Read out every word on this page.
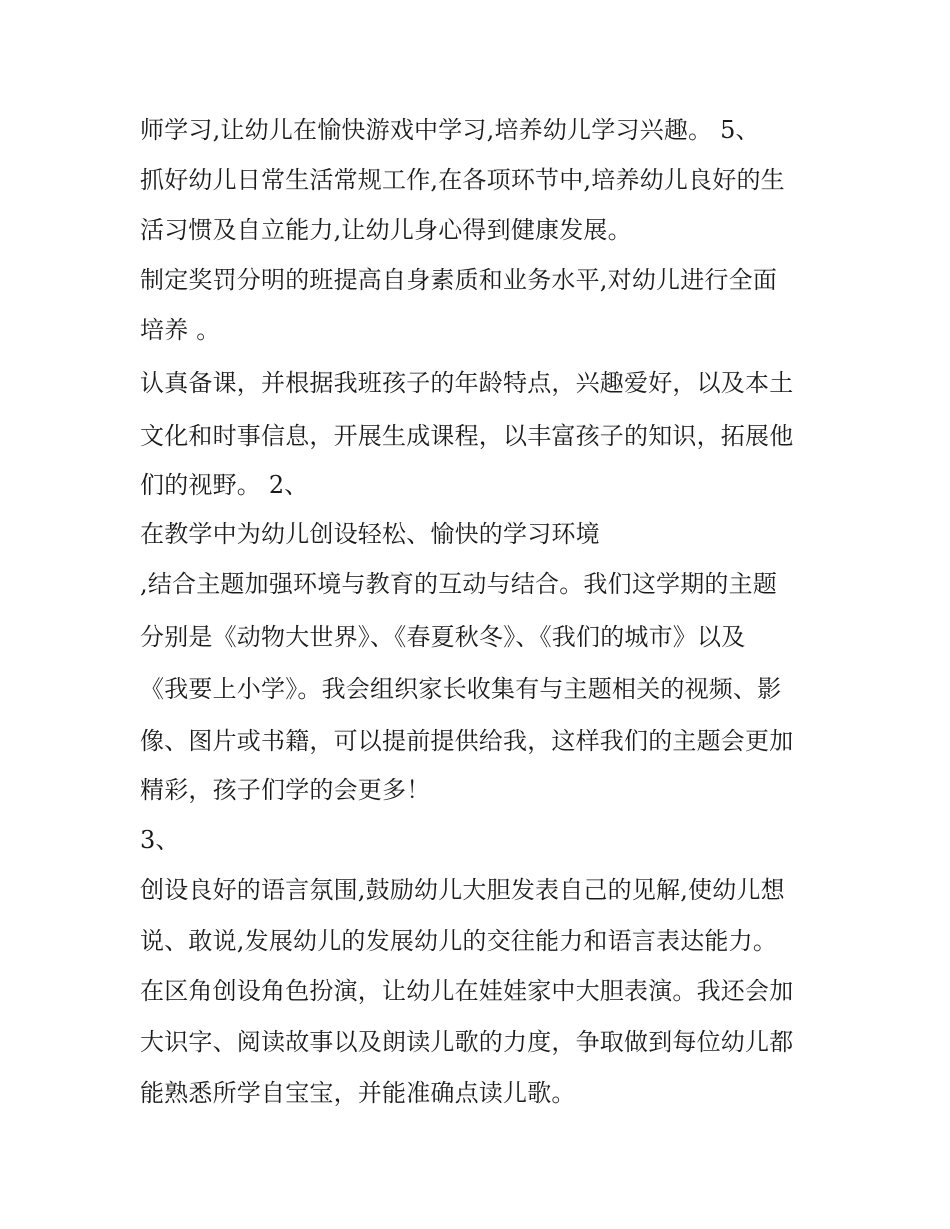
师学习,让幼儿在愉快游戏中学习,培养幼儿学习兴趣。 5、
抓好幼儿日常生活常规工作,在各项环节中,培养幼儿良好的生
活习惯及自立能力,让幼儿身心得到健康发展。
制定奖罚分明的班提高自身素质和业务水平,对幼儿进行全面
培养 。
认真备课，并根据我班孩子的年龄特点，兴趣爱好，以及本土
文化和时事信息，开展生成课程，以丰富孩子的知识，拓展他
们的视野。 2、
在教学中为幼儿创设轻松、愉快的学习环境
,结合主题加强环境与教育的互动与结合。我们这学期的主题
分别是《动物大世界》、《春夏秋冬》、《我们的城市》以及
《我要上小学》。我会组织家长收集有与主题相关的视频、影
像、图片或书籍，可以提前提供给我，这样我们的主题会更加
精彩，孩子们学的会更多！
3、
创设良好的语言氛围,鼓励幼儿大胆发表自己的见解,使幼儿想
说、敢说,发展幼儿的发展幼儿的交往能力和语言表达能力。
在区角创设角色扮演，让幼儿在娃娃家中大胆表演。我还会加
大识字、阅读故事以及朗读儿歌的力度，争取做到每位幼儿都
能熟悉所学自宝宝，并能准确点读儿歌。
